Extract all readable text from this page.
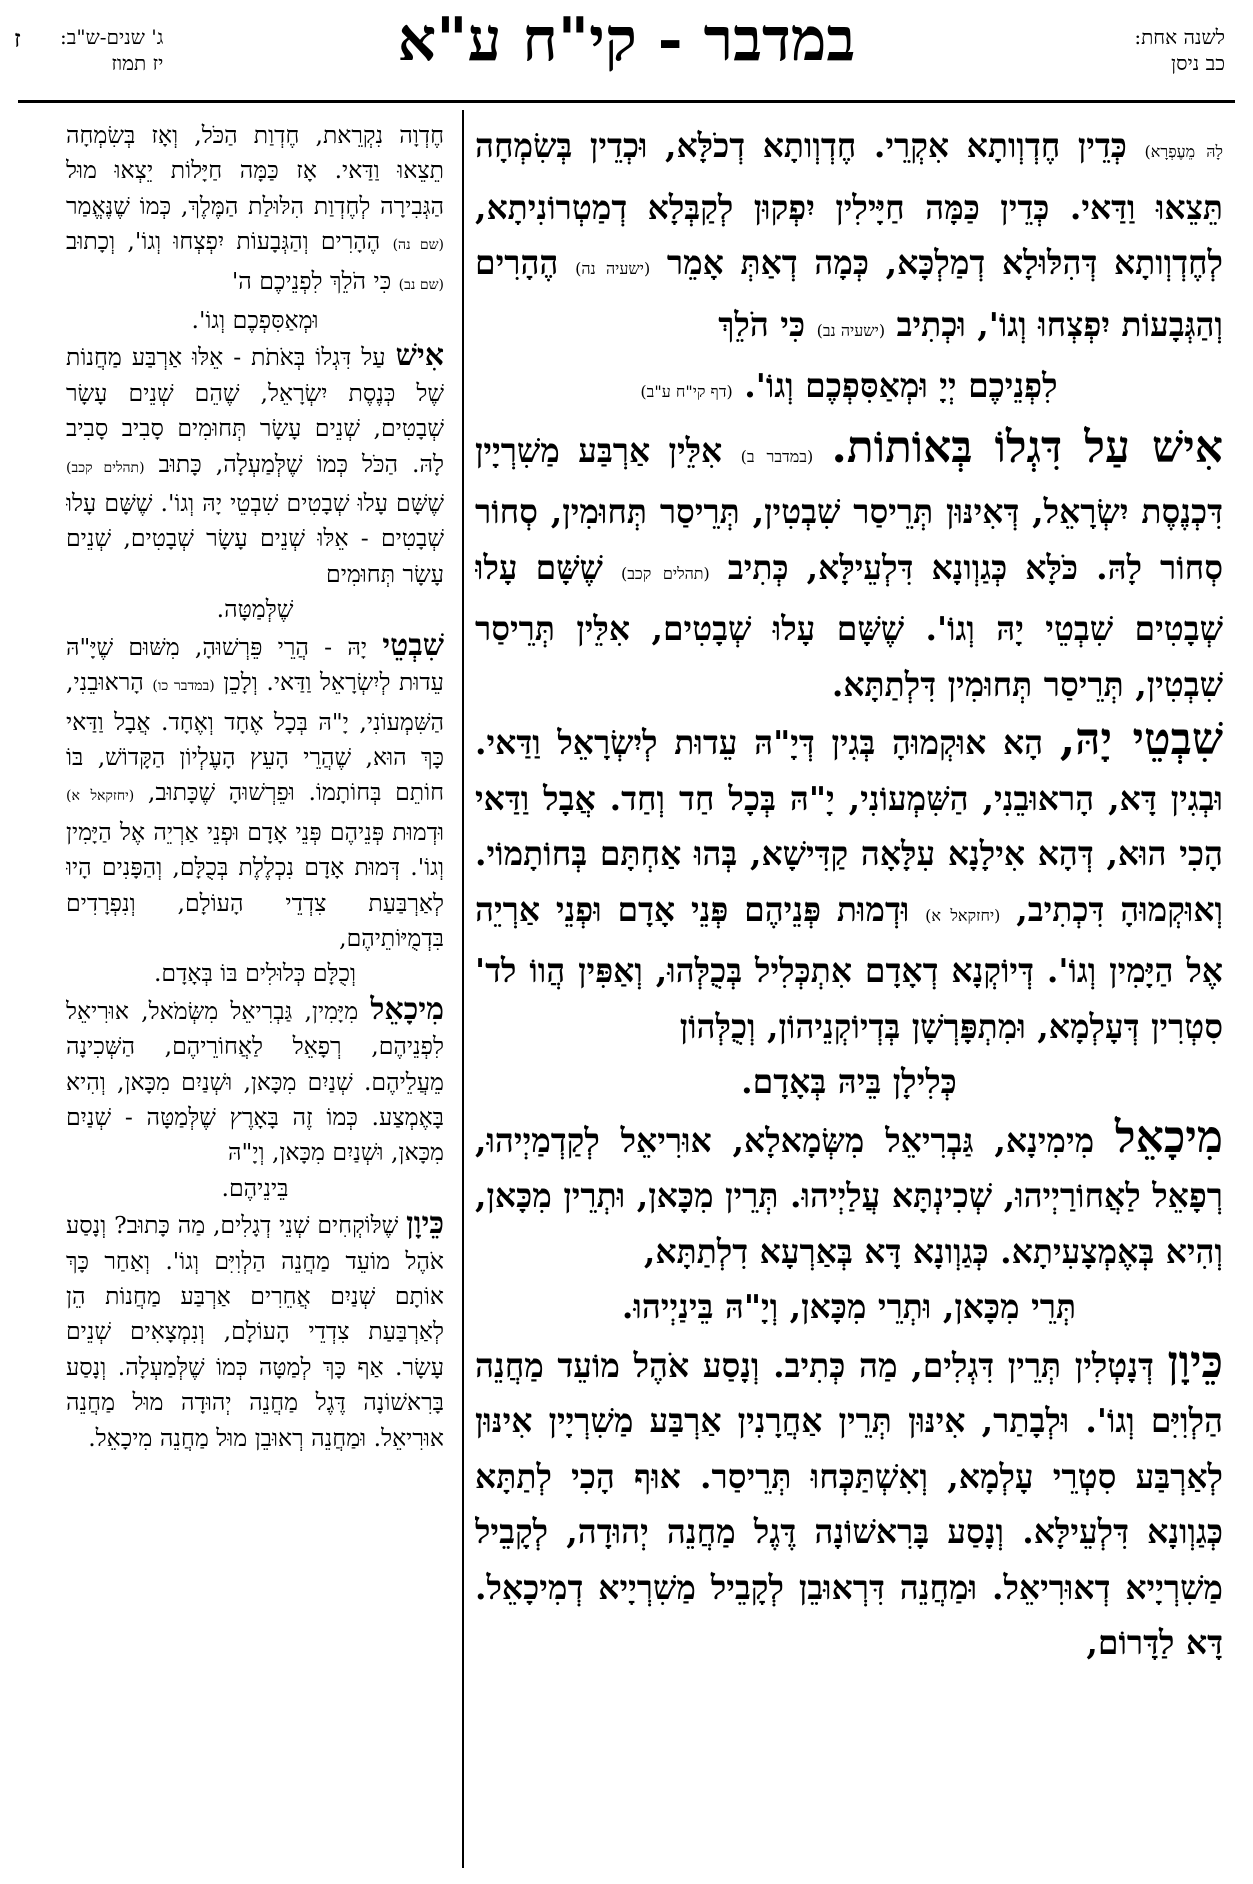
לשנה אחת:
כב ניסן
במדבר - קי"ח ע"א
ג' שנים-ש"ב:
יז תמוז
ז

לָהּ מֵעֶפְרָא) כְּדֵין חֶדְוְותָא אִקְרֵי. חֶדְוְותָא דְכֹלָּא, וּכְדֵין בְּשִׂמְחָה תֵּצֵאוּ וַדַּאי. כְּדֵין כַּמָּה חַיָּילִין יִפְקוּן לְקַבְּלָא דְמַטְרוֹנִיתָא, לְחֶדְוְותָא דְּהִלּוּלָא דְמַלְכָּא, כְּמָה דְאַתְּ אָמֵר (ישעיה נה) הֶהָרִים וְהַגְּבָעוֹת יִפְצְחוּ וְגוֹ', וּכְתִיב (ישעיה נב) כִּי הֹלֵךְ

לִפְנֵיכֶם יְיָ וּמְאַסִּפְכֶם וְגוֹ'. (דף קי"ח ע"ב)

אִישׁ עַל דִּגְלוֹ בְּאוֹתוֹת. (במדבר ב) אִלֵּין אַרְבַּע מַשִׁרְיָין דִּכְנֶסֶת יִשְׂרָאֵל, דְּאִינּוּן תְּרֵיסַר שִׁבְטִין, תְּרֵיסַר תְּחוּמִין, סְחוֹר סְחוֹר לָהּ. כֹּלָּא כְּגַוְונָא דִּלְעֵילָּא, כְּתִיב (תהלים קכב) שֶׁשָּׁם עָלוּ שְׁבָטִים שִׁבְטֵי יָהּ וְגוֹ'. שֶׁשָּׁם עָלוּ שְׁבָטִים, אִלֵּין תְּרֵיסַר שִׁבְטִין, תְּרֵיסַר תְּחוּמִין דִּלְתַתָּא.

שִׁבְטֵי יָהּ, הָא אוּקְמוּהָ בְּגִין דְּיָ"הּ עֵדוּת לְיִשְׂרָאֵל וַדַּאי. וּבְגִין דָּא, הָראוּבֵנִי, הַשִּׁמְעוֹנִי, יָ"הּ בְּכָל חַד וְחַד. אֲבָל וַדַּאי הָכִי הוּא, דְּהָא אִילָנָא עִלָּאָה קַדִּישָׁא, בְּהוּ אַחְתָּם בְּחוֹתָמוֹי. וְאוּקְמוּהָ דִּכְתִיב, (יחזקאל א) וּדְמוּת פְּנֵיהֶם פְּנֵי אָדָם וּפְנֵי אַרְיֵה אֶל הַיָּמִין וְגוֹ'. דְּיוֹקְנָא דְאָדָם אִתְכְּלִיל בְּכֻלְּהוּ, וְאַפִּין הֲווֹ לד' סִטְרִין דְּעָלְמָא, וּמִתְפָּרְשָׁן בְּדְיוֹקְנֵיהוֹן, וְכֻלְּהוֹן

כְּלִילָן בֵּיהּ בְּאָדָם.

מִיכָאֵל מִימִינָא, גַּבְרִיאֵל מִשְּׂמָאלָא, אוּרִיאֵל לְקַדְמַיְיהוּ, רְפָאֵל לַאֲחוֹרַיְיהוּ, שְׁכִינְתָּא עֲלַיְיהוּ. תְּרֵין מִכָּאן, וּתְרֵין מִכָּאן, וְהִיא בְּאֶמְצָעִיתָא. כְּגַוְונָא דָּא בְּאַרְעָא דִלְתַתָּא,

תְּרֵי מִכָּאן, וּתְרֵי מִכָּאן, וְיָ"הּ בֵּינַיְיהוּ.

כֵּיוָן דְּנָטְלִין תְּרֵין דִּגְלִים, מַה כְּתִיב. וְנָסַע אֹהֶל מוֹעֵד מַחֲנֵה הַלְוִיִּם וְגוֹ'. וּלְבָתַר, אִינּוּן תְּרֵין אַחֲרָנִין אַרְבַּע מַשִׁרְיָין אִינּוּן לְאַרְבַּע סִטְרֵי עָלְמָא, וְאִשְׁתַּכְּחוּ תְּרֵיסַר. אוּף הָכִי לְתַתָּא כְּגַוְונָא דִּלְעֵילָּא. וְנָסַע בָּרִאשׁוֹנָה דֶּגֶל מַחֲנֵה יְהוּדָה, לְקָבֵיל מַשִׁרְיָיא דְאוּרִיאֵל. וּמַחֲנֵה דִּרְאוּבֵן לְקָבֵיל מַשִׁרְיָיא דְמִיכָאֵל. דָּא לַדָּרוֹם,

חֶדְוָה נִקְרֵאת, חֶדְוַת הַכֹּל, וְאָז בְּשִׂמְחָה תֵצֵאוּ וַדַּאי. אָז כַּמָּה חַיָּלוֹת יֵצְאוּ מוּל הַגְּבִירָה לְחֶדְוַת הִלּוּלַת הַמֶּלֶךְ, כְּמוֹ שֶׁנֶּאֱמַר (שם נה) הֶהָרִים וְהַגְּבָעוֹת יִפְצְחוּ וְגוֹ', וְכָתוּב (שם נב) כִּי הֹלֵךְ לִפְנֵיכֶם ה'

וּמְאַסִּפְכֶם וְגוֹ'.

אִישׁ עַל דִּגְלוֹ בְּאֹתֹת - אֵלּוּ אַרְבַּע מַחֲנוֹת שֶׁל כְּנֶסֶת יִשְׂרָאֵל, שֶׁהֵם שְׁנֵים עָשָׂר שְׁבָטִים, שְׁנֵים עָשָׂר תְּחוּמִים סָבִיב סָבִיב לָהּ. הַכֹּל כְּמוֹ שֶׁלְּמַעְלָה, כָּתוּב (תהלים קכב) שֶׁשָּׁם עָלוּ שְׁבָטִים שִׁבְטֵי יָהּ וְגוֹ'. שֶׁשָּׁם עָלוּ שְׁבָטִים - אֵלּוּ שְׁנֵים עָשָׂר שְׁבָטִים, שְׁנֵים עָשָׂר תְּחוּמִים

שֶׁלְּמַטָּה.

שִׁבְטֵי יָהּ - הֲרֵי פֵּרְשׁוּהָ, מִשּׁוּם שֶׁיָּ"הּ עֵדוּת לְיִשְׂרָאֵל וַדַּאי. וְלָכֵן (במדבר כו) הָראוּבֵנִי, הַשִּׁמְעוֹנִי, יָ"הּ בְּכָל אֶחָד וְאֶחָד. אֲבָל וַדַּאי כָּךְ הוּא, שֶׁהֲרֵי הָעֵץ הָעֶלְיוֹן הַקָּדוֹשׁ, בּוֹ חוֹתֵם בְּחוֹתָמוֹ. וּפֵרְשׁוּהָ שֶׁכָּתוּב, (יחזקאל א) וּדְמוּת פְּנֵיהֶם פְּנֵי אָדָם וּפְנֵי אַרְיֵה אֶל הַיָּמִין וְגוֹ'. דְּמוּת אָדָם נִכְלֶלֶת בְּכֻלָּם, וְהַפָּנִים הָיוּ לְאַרְבַּעַת צִדְדֵי הָעוֹלָם, וְנִפְרָדִים בִּדְמֻיּוֹתֵיהֶם,

וְכֻלָּם כְּלוּלִים בּוֹ בְּאָדָם.

מִיכָאֵל מִיָּמִין, גַּבְרִיאֵל מִשְּׂמֹאל, אוּרִיאֵל לִפְנֵיהֶם, רְפָאֵל לַאֲחוֹרֵיהֶם, הַשְּׁכִינָה מֵעֲלֵיהֶם. שְׁנַיִם מִכָּאן, וּשְׁנַיִם מִכָּאן, וְהִיא בָּאֶמְצַע. כְּמוֹ זֶה בָּאָרֶץ שֶׁלְּמַטָּה - שְׁנַיִם מִכָּאן, וּשְׁנַיִם מִכָּאן, וְיָ"הּ

בֵּינֵיהֶם.

כֵּיוָן שֶׁלּוֹקְחִים שְׁנֵי דְגָלִים, מַה כָּתוּב? וְנָסַע אֹהֶל מוֹעֵד מַחֲנֵה הַלְוִיִּם וְגוֹ'. וְאַחַר כָּךְ אוֹתָם שְׁנַיִם אֲחֵרִים אַרְבַּע מַחֲנוֹת הֵן לְאַרְבַּעַת צִדְדֵי הָעוֹלָם, וְנִמְצָאִים שְׁנֵים עָשָׂר. אַף כָּךְ לְמַטָּה כְּמוֹ שֶׁלְּמַעְלָה. וְנָסַע בָּרִאשׁוֹנָה דֶּגֶל מַחֲנֵה יְהוּדָה מוּל מַחֲנֵה אוּרִיאֵל. וּמַחֲנֵה רְאוּבֵן מוּל מַחֲנֵה מִיכָאֵל.
